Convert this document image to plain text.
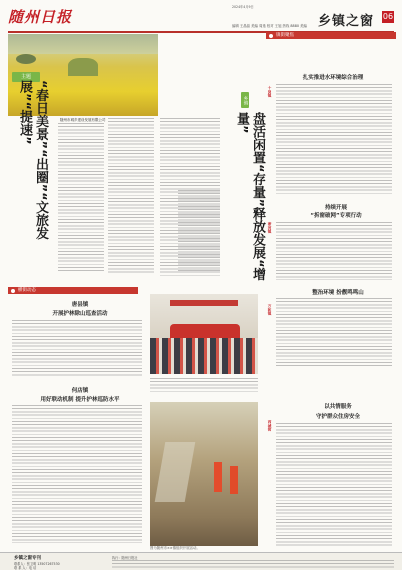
随州日报
2024年4月9日
编辑 王晶晶 美编 周逸 校对 王旭 热线 8880 美编 乡镇之窗 06
主题
“春日美景”“出圈”“文旅发展”“提速”	随州市城乡建设发展有限公司
乡镇
盘活闲置“存量”释放发展“增量”
镇街聚焦
扎实推进水环境综合治理
十岗镇
持续开展
“拆窗破网”专项行动
淅河镇
整治环境 扮靓鸣鸣山
万和镇
以共情服务
守护群众住房安全
西城街
横街动态
唐县镇
开展护林除山巡查活动
何店镇
用好联动机制 提升护林巡防水平
图为随州市××镇组织开展活动。
乡镇之窗专刊
联系人：张卫明 13507267530
联 系 人：电 话
执行：随州日报社
